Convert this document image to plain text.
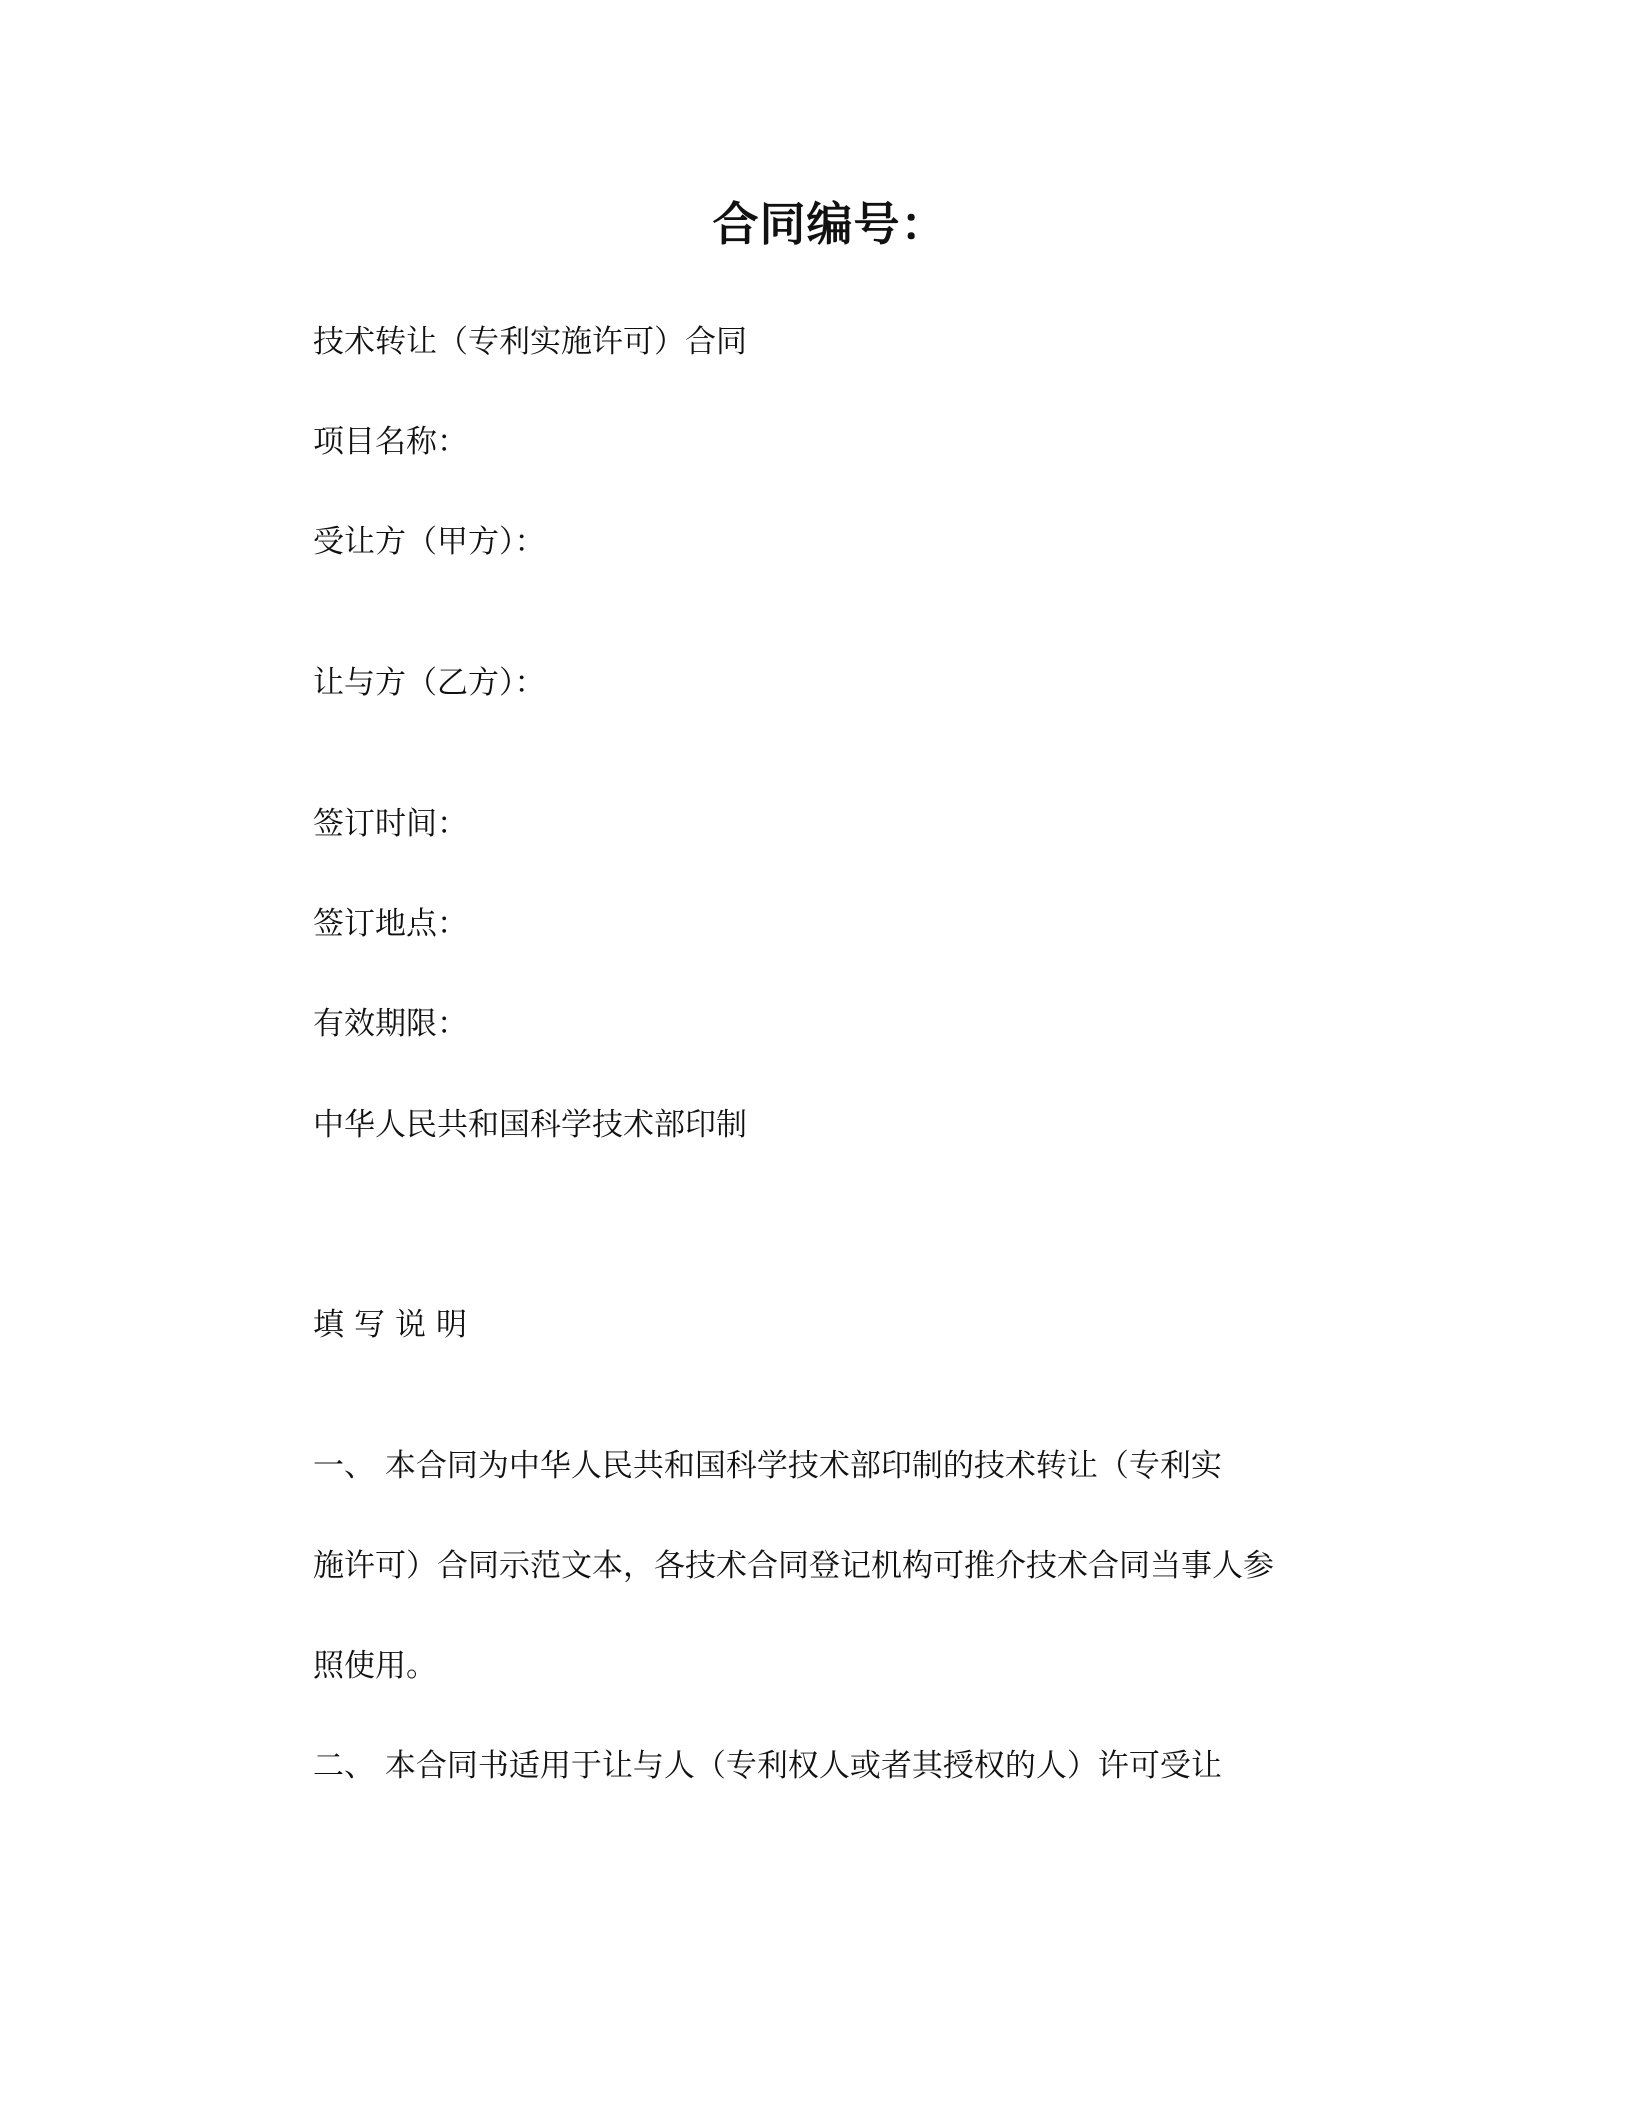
合同编号：
技术转让（专利实施许可）合同
项目名称：
受让方（甲方）：
让与方（乙方）：
签订时间：
签订地点：
有效期限：
中华人民共和国科学技术部印制
填写说明
一、 本合同为中华人民共和国科学技术部印制的技术转让（专利实
施许可）合同示范文本，各技术合同登记机构可推介技术合同当事人参
照使用。
二、 本合同书适用于让与人（专利权人或者其授权的人）许可受让
